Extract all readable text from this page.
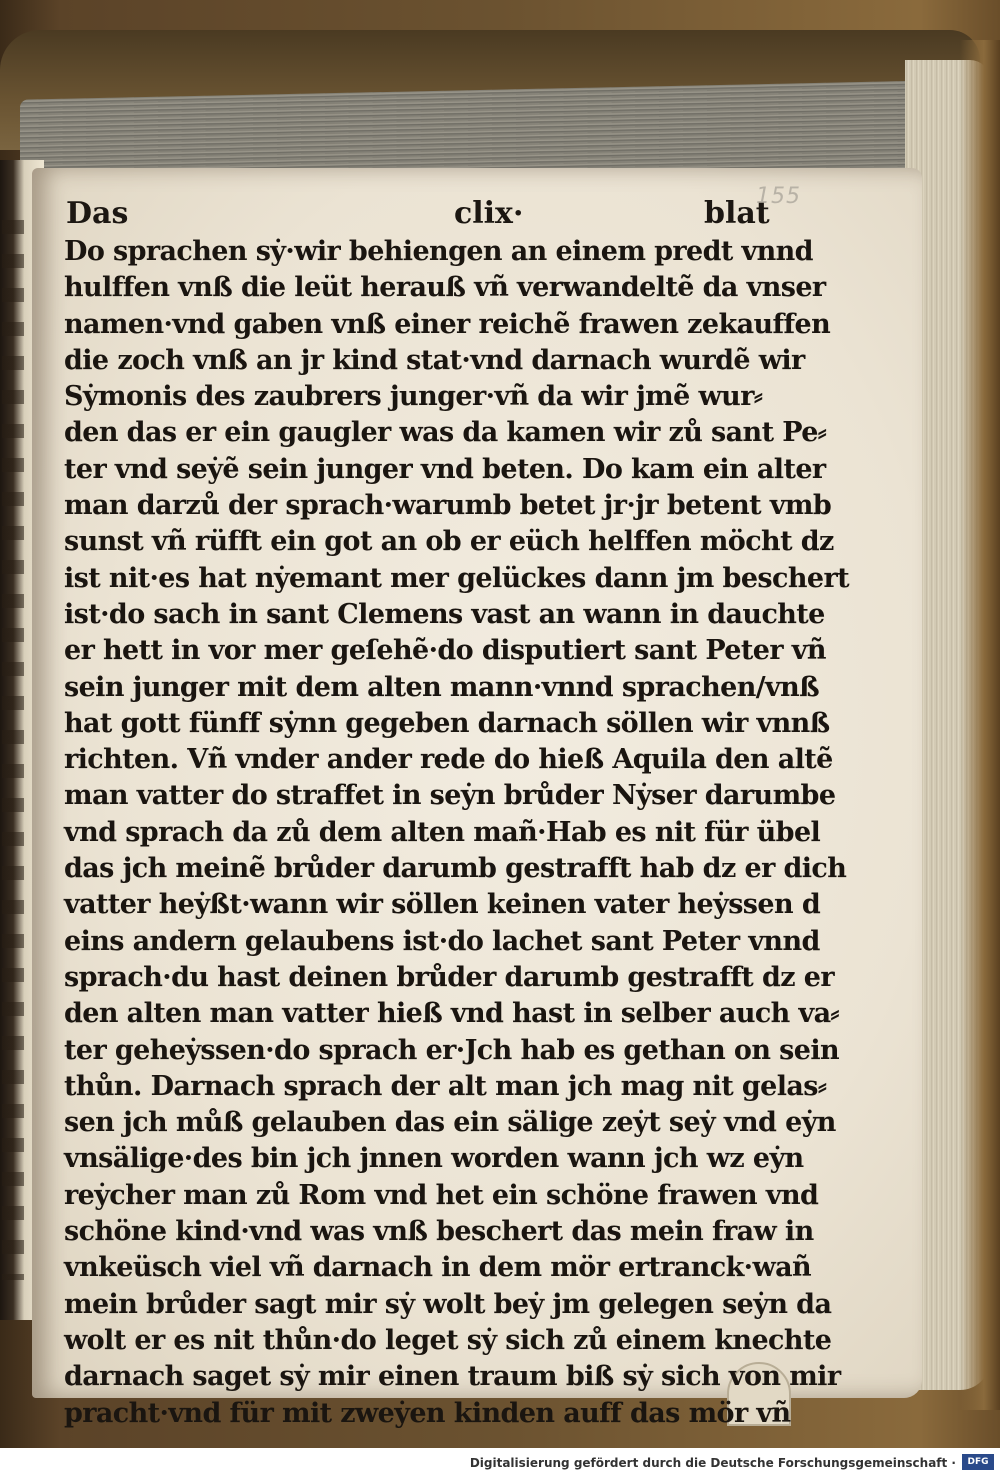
155
Das	clix·	blat
Do sprachen sẏ·wir behiengen an einem predt vnnd
hulffen vnß die leüt herauß vñ verwandeltẽ da vnser
namen·vnd gaben vnß einer reichẽ frawen zekauffen
die zoch vnß an jr kind stat·vnd darnach wurdẽ wir
Sẏmonis des zaubrers junger·vñ da wir jmẽ wur⸗
den das er ein gaugler was da kamen wir zů sant Pe⸗
ter vnd seẏẽ sein junger vnd beten. Do kam ein alter
man darzů der sprach·warumb betet jr·jr betent vmb
sunst vñ rüfft ein got an ob er eüch helffen möcht dz
ist nit·es hat nẏemant mer gelückes dann jm beschert
ist·do sach in sant Clemens vast an wann in dauchte
er hett in vor mer geſehẽ·do disputiert sant Peter vñ
sein junger mit dem alten mann·vnnd sprachen/vnß
hat gott fünff sẏnn gegeben darnach söllen wir vnnß
richten. Vñ vnder ander rede do hieß Aquila den altẽ
man vatter do straffet in seẏn brůder Nẏser darumbe
vnd sprach da zů dem alten mañ·Hab es nit für übel
das jch meinẽ brůder darumb gestrafft hab dz er dich
vatter heẏßt·wann wir söllen keinen vater heẏssen d
eins andern gelaubens ist·do lachet sant Peter vnnd
sprach·du hast deinen brůder darumb gestrafft dz er
den alten man vatter hieß vnd hast in selber auch va⸗
ter geheẏssen·do sprach er·Jch hab es gethan on sein
thůn. Darnach sprach der alt man jch mag nit gelas⸗
sen jch můß gelauben das ein sälige zeẏt seẏ vnd eẏn
vnsälige·des bin jch jnnen worden wann jch wz eẏn
reẏcher man zů Rom vnd het ein schöne frawen vnd
schöne kind·vnd was vnß beschert das mein fraw in
vnkeüsch viel vñ darnach in dem mör ertranck·wañ
mein brůder sagt mir sẏ wolt beẏ jm gelegen seẏn da
wolt er es nit thůn·do leget sẏ sich zů einem knechte
darnach saget sẏ mir einen traum biß sẏ sich von mir
pracht·vnd für mit zweẏen kinden auff das mör vñ
Digitalisierung gefördert durch die Deutsche Forschungsgemeinschaft ·	DFG
